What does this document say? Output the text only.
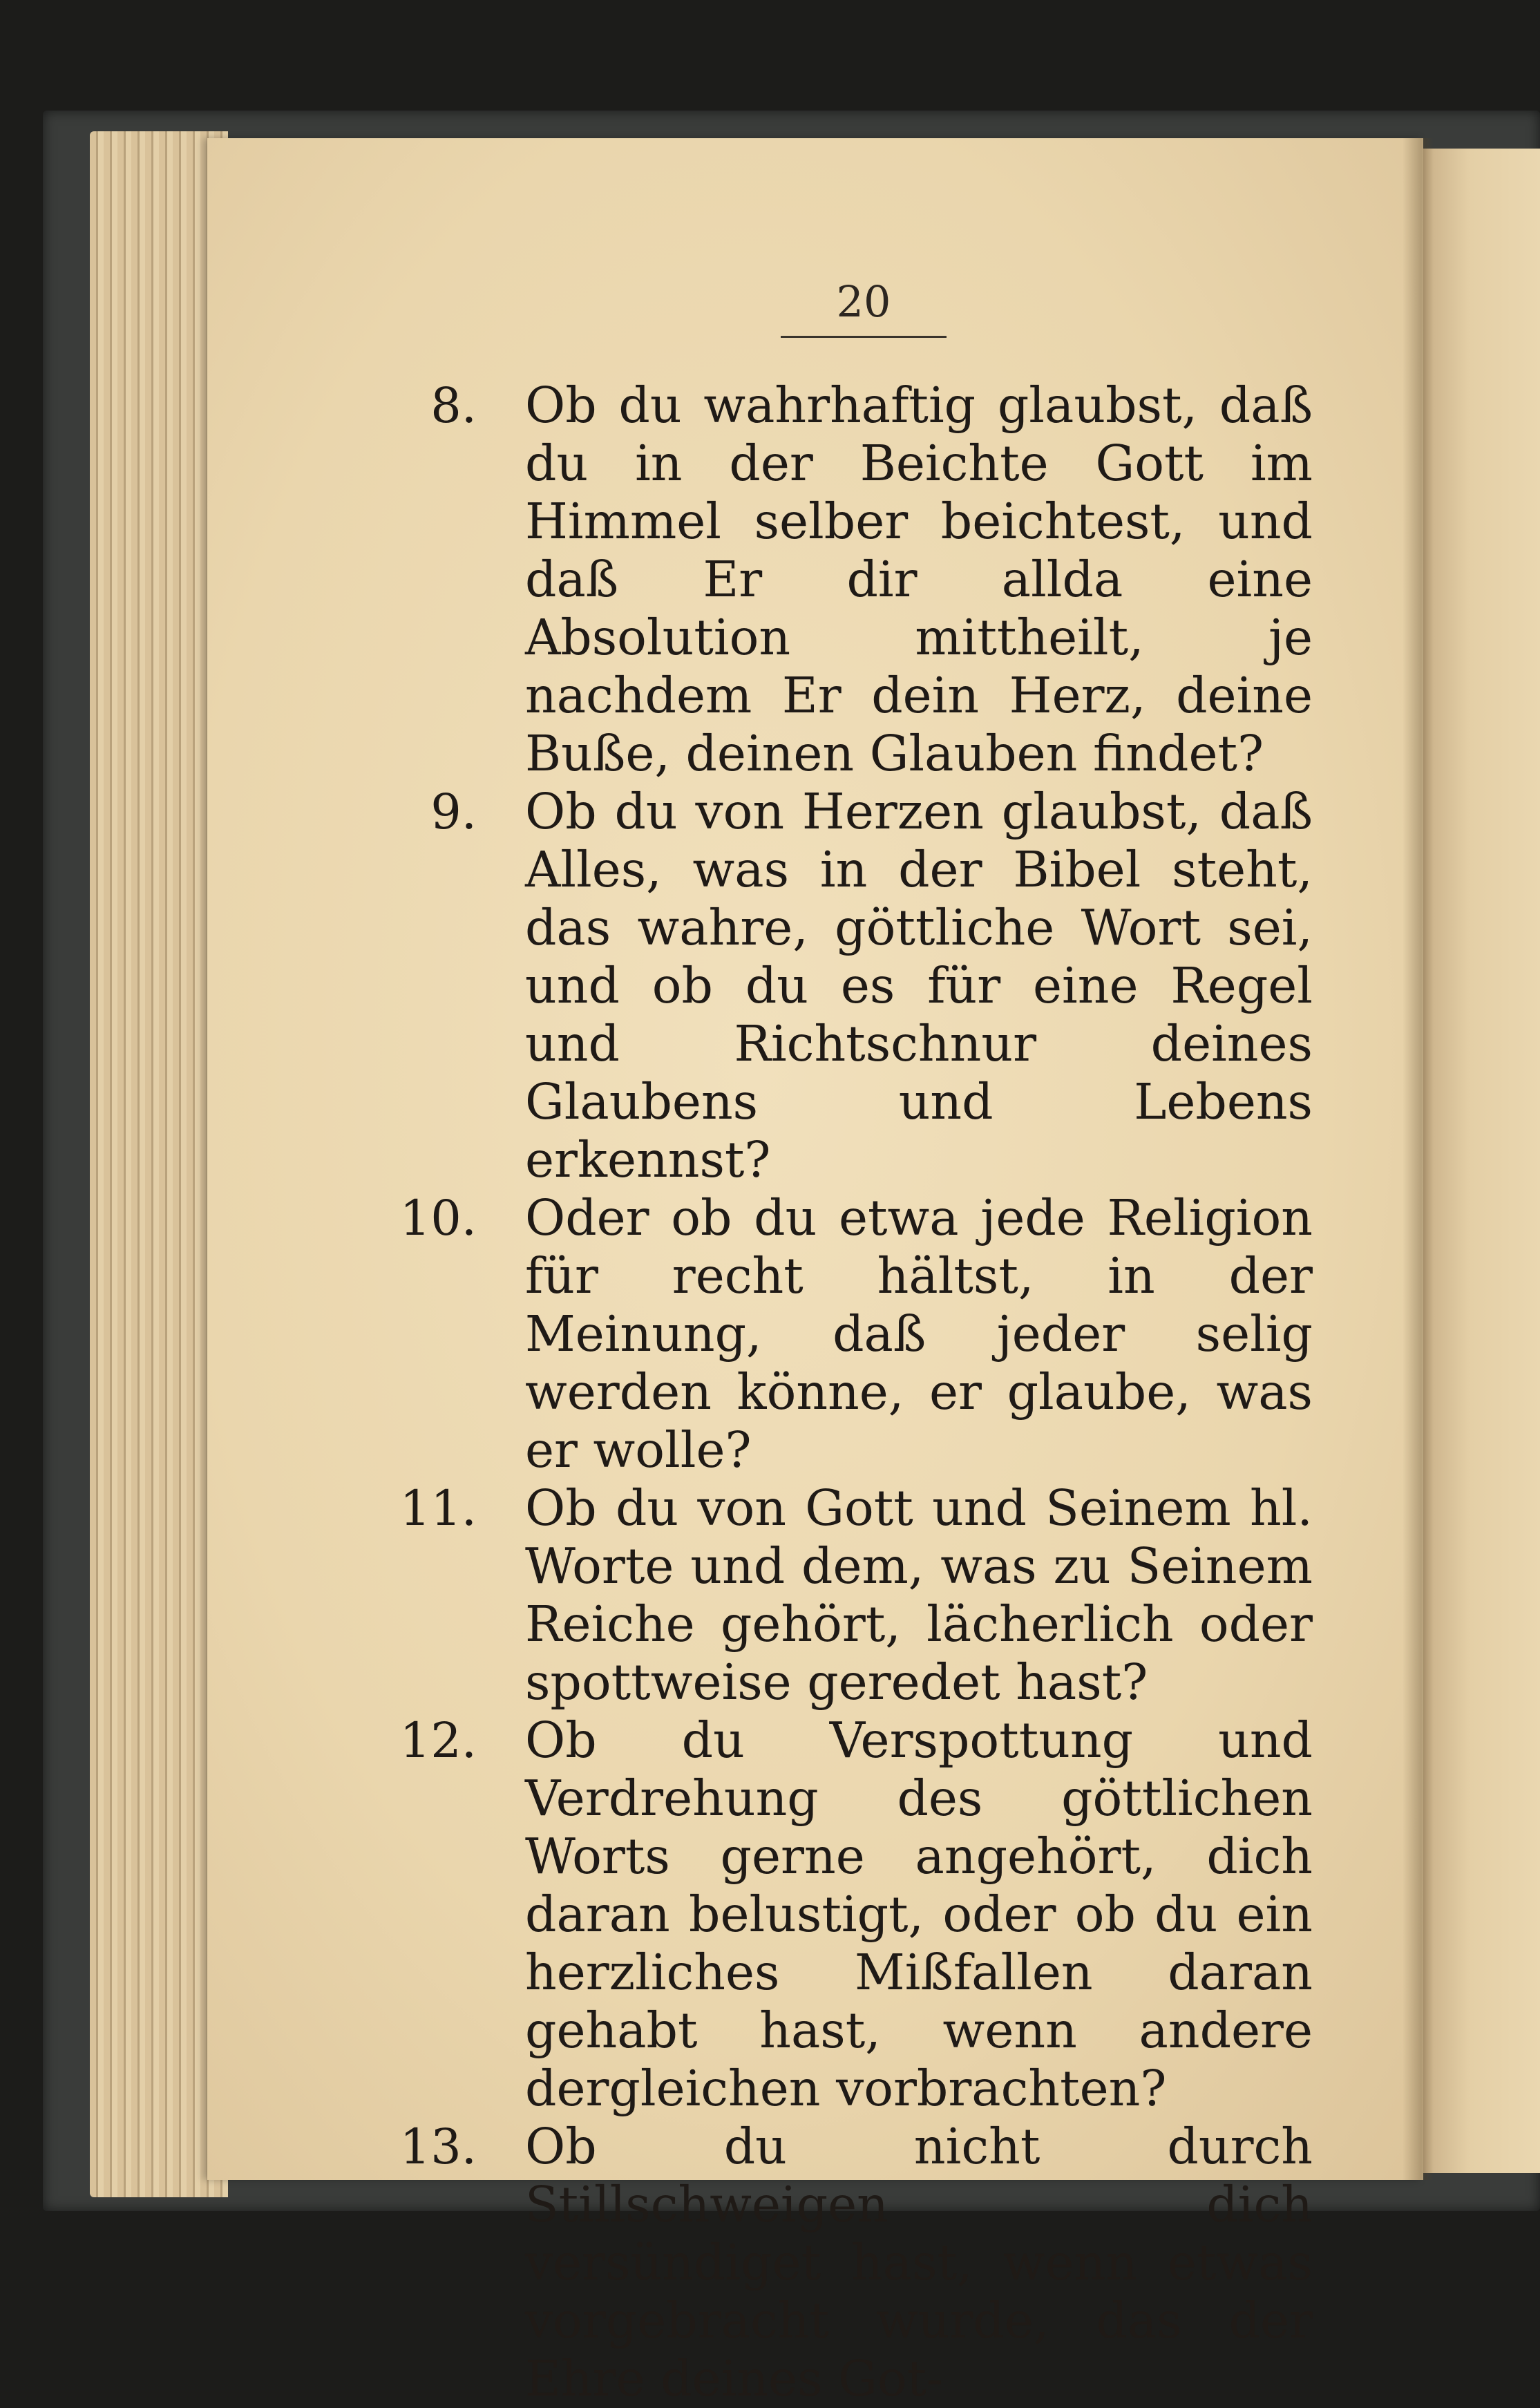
20
8. Ob du wahrhaftig glaubst, daß du in der Beichte Gott im Himmel selber beichtest, und daß Er dir allda eine Absolution mittheilt, je nachdem Er dein Herz, deine Buße, deinen Glauben findet?
9. Ob du von Herzen glaubst, daß Alles, was in der Bibel steht, das wahre, göttliche Wort sei, und ob du es für eine Regel und Richtschnur deines Glaubens und Lebens erkennst?
10. Oder ob du etwa jede Religion für recht hältst, in der Meinung, daß jeder selig werden könne, er glaube, was er wolle?
11. Ob du von Gott und Seinem hl. Worte und dem, was zu Seinem Reiche gehört, lächerlich oder spottweise geredet hast?
12. Ob du Verspottung und Verdrehung des göttlichen Worts gerne angehört, dich daran belustigt, oder ob du ein herzliches Mißfallen daran gehabt hast, wenn andere dergleichen vorbrachten?
13. Ob du nicht durch Stillschweigen dich versündiget hast, wenn etwas vorgebracht wurde, das der Ehre deines Got-
